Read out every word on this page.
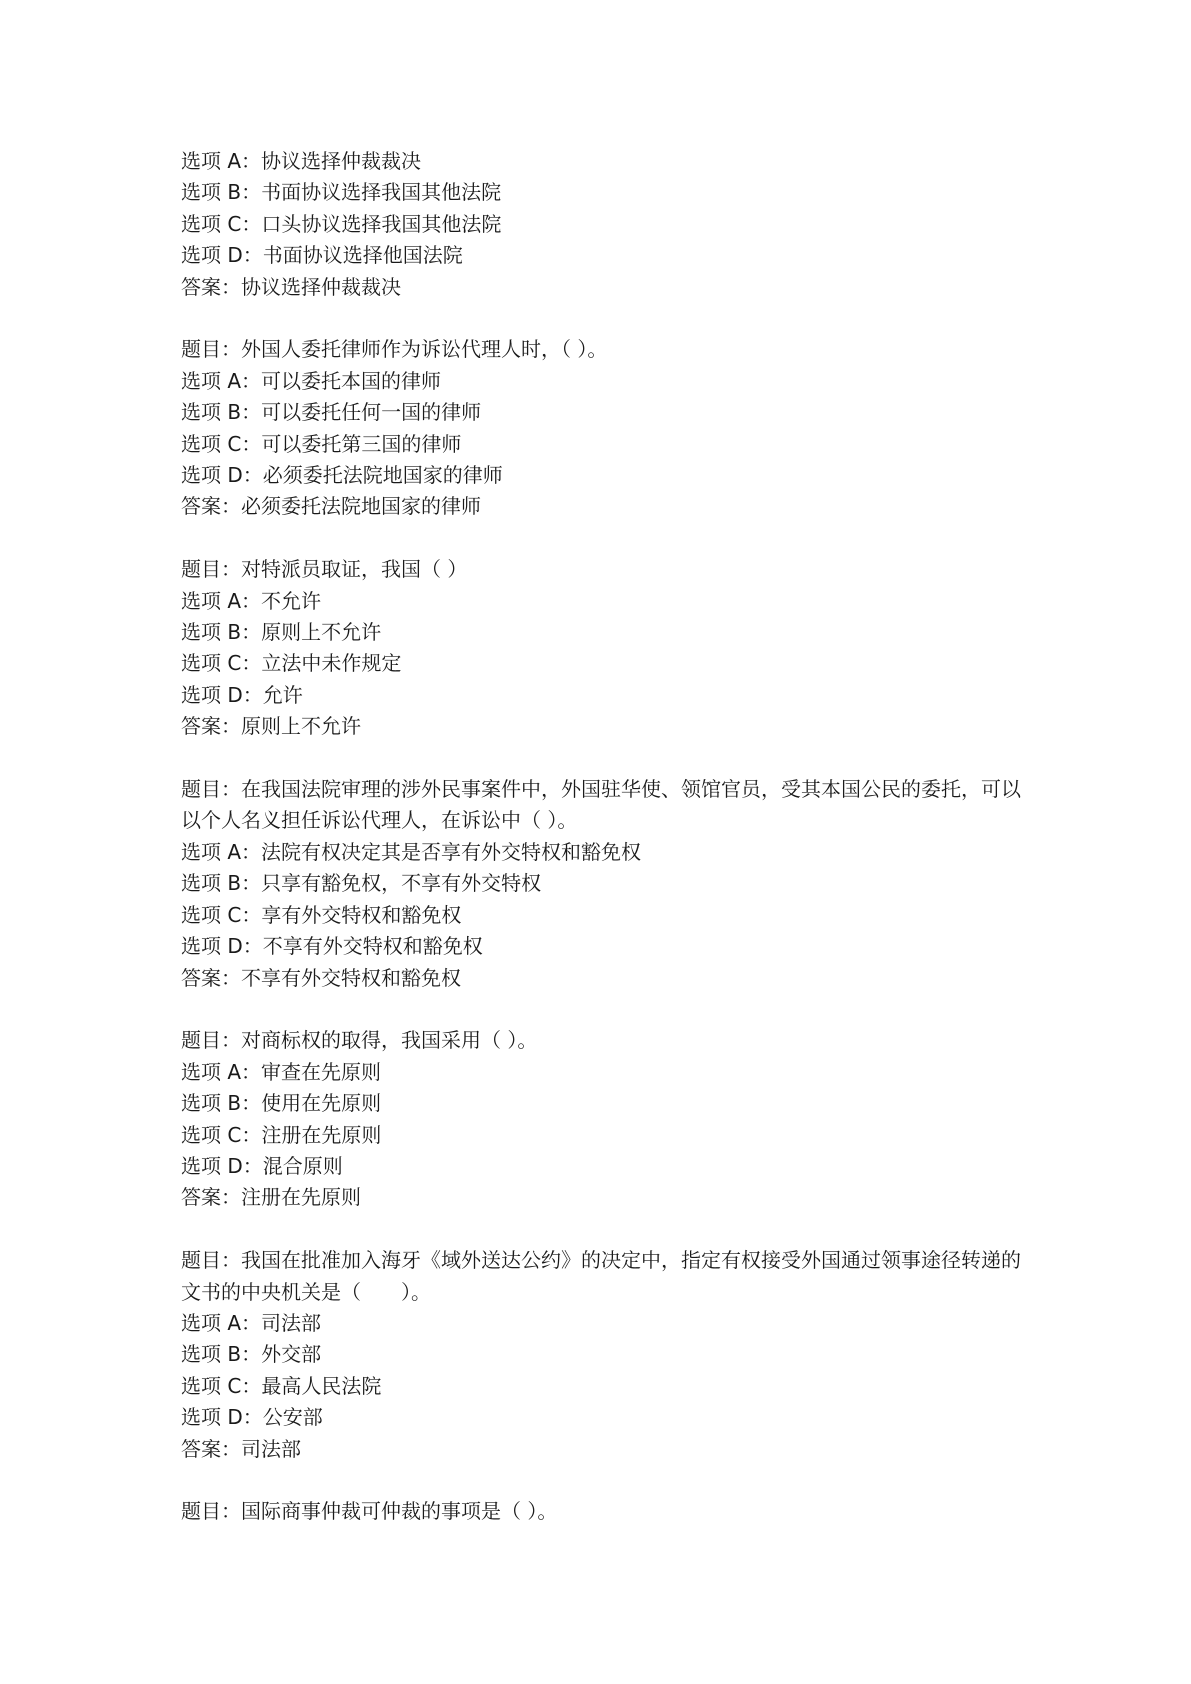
选项 A：协议选择仲裁裁决
选项 B：书面协议选择我国其他法院
选项 C：口头协议选择我国其他法院
选项 D：书面协议选择他国法院
答案：协议选择仲裁裁决
题目：外国人委托律师作为诉讼代理人时，（ ）。
选项 A：可以委托本国的律师
选项 B：可以委托任何一国的律师
选项 C：可以委托第三国的律师
选项 D：必须委托法院地国家的律师
答案：必须委托法院地国家的律师
题目：对特派员取证，我国（ ）
选项 A：不允许
选项 B：原则上不允许
选项 C：立法中未作规定
选项 D：允许
答案：原则上不允许
题目：在我国法院审理的涉外民事案件中，外国驻华使、领馆官员，受其本国公民的委托，可以以个人名义担任诉讼代理人，在诉讼中（ ）。
选项 A：法院有权决定其是否享有外交特权和豁免权
选项 B：只享有豁免权，不享有外交特权
选项 C：享有外交特权和豁免权
选项 D：不享有外交特权和豁免权
答案：不享有外交特权和豁免权
题目：对商标权的取得，我国采用（ ）。
选项 A：审查在先原则
选项 B：使用在先原则
选项 C：注册在先原则
选项 D：混合原则
答案：注册在先原则
题目：我国在批准加入海牙《域外送达公约》的决定中，指定有权接受外国通过领事途径转递的文书的中央机关是（　　）。
选项 A：司法部
选项 B：外交部
选项 C：最高人民法院
选项 D：公安部
答案：司法部
题目：国际商事仲裁可仲裁的事项是（ ）。
